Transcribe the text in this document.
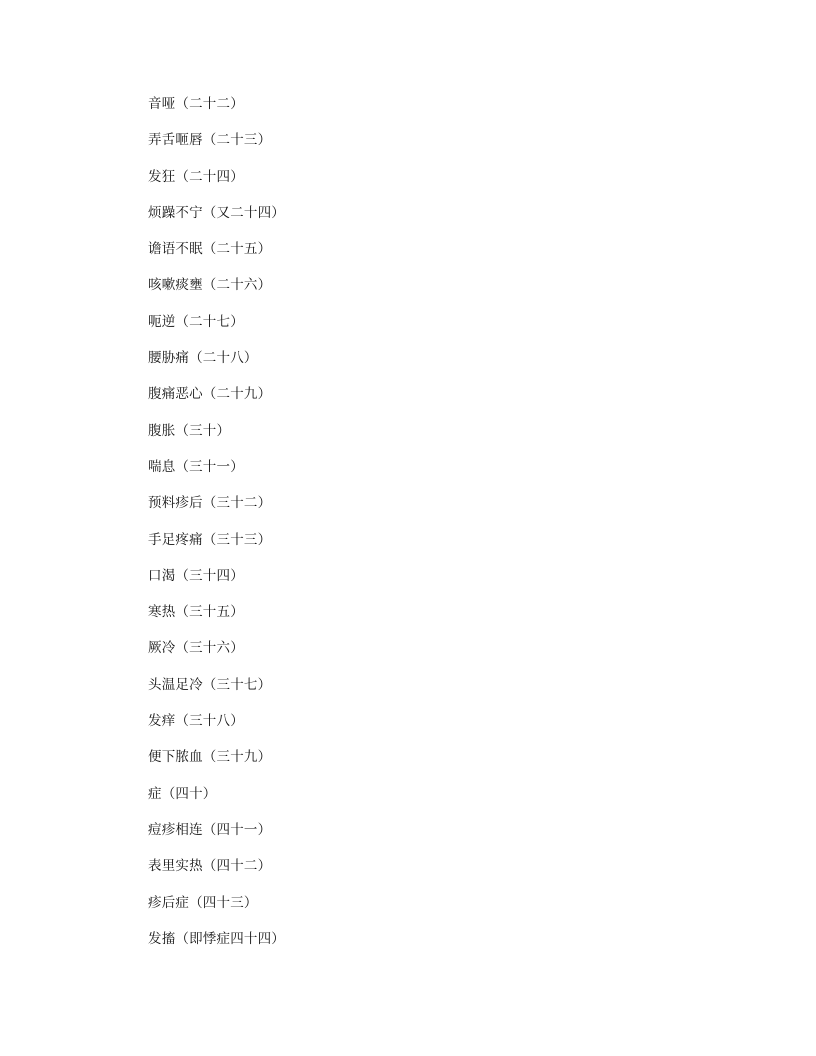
音哑（二十二）
弄舌咂唇（二十三）
发狂（二十四）
烦躁不宁（又二十四）
谵语不眠（二十五）
咳嗽痰壅（二十六）
呃逆（二十七）
腰胁痛（二十八）
腹痛恶心（二十九）
腹胀（三十）
喘息（三十一）
预料疹后（三十二）
手足疼痛（三十三）
口渴（三十四）
寒热（三十五）
厥冷（三十六）
头温足冷（三十七）
发痒（三十八）
便下脓血（三十九）
症（四十）
痘疹相连（四十一）
表里实热（四十二）
疹后症（四十三）
发搐（即悸症四十四）
